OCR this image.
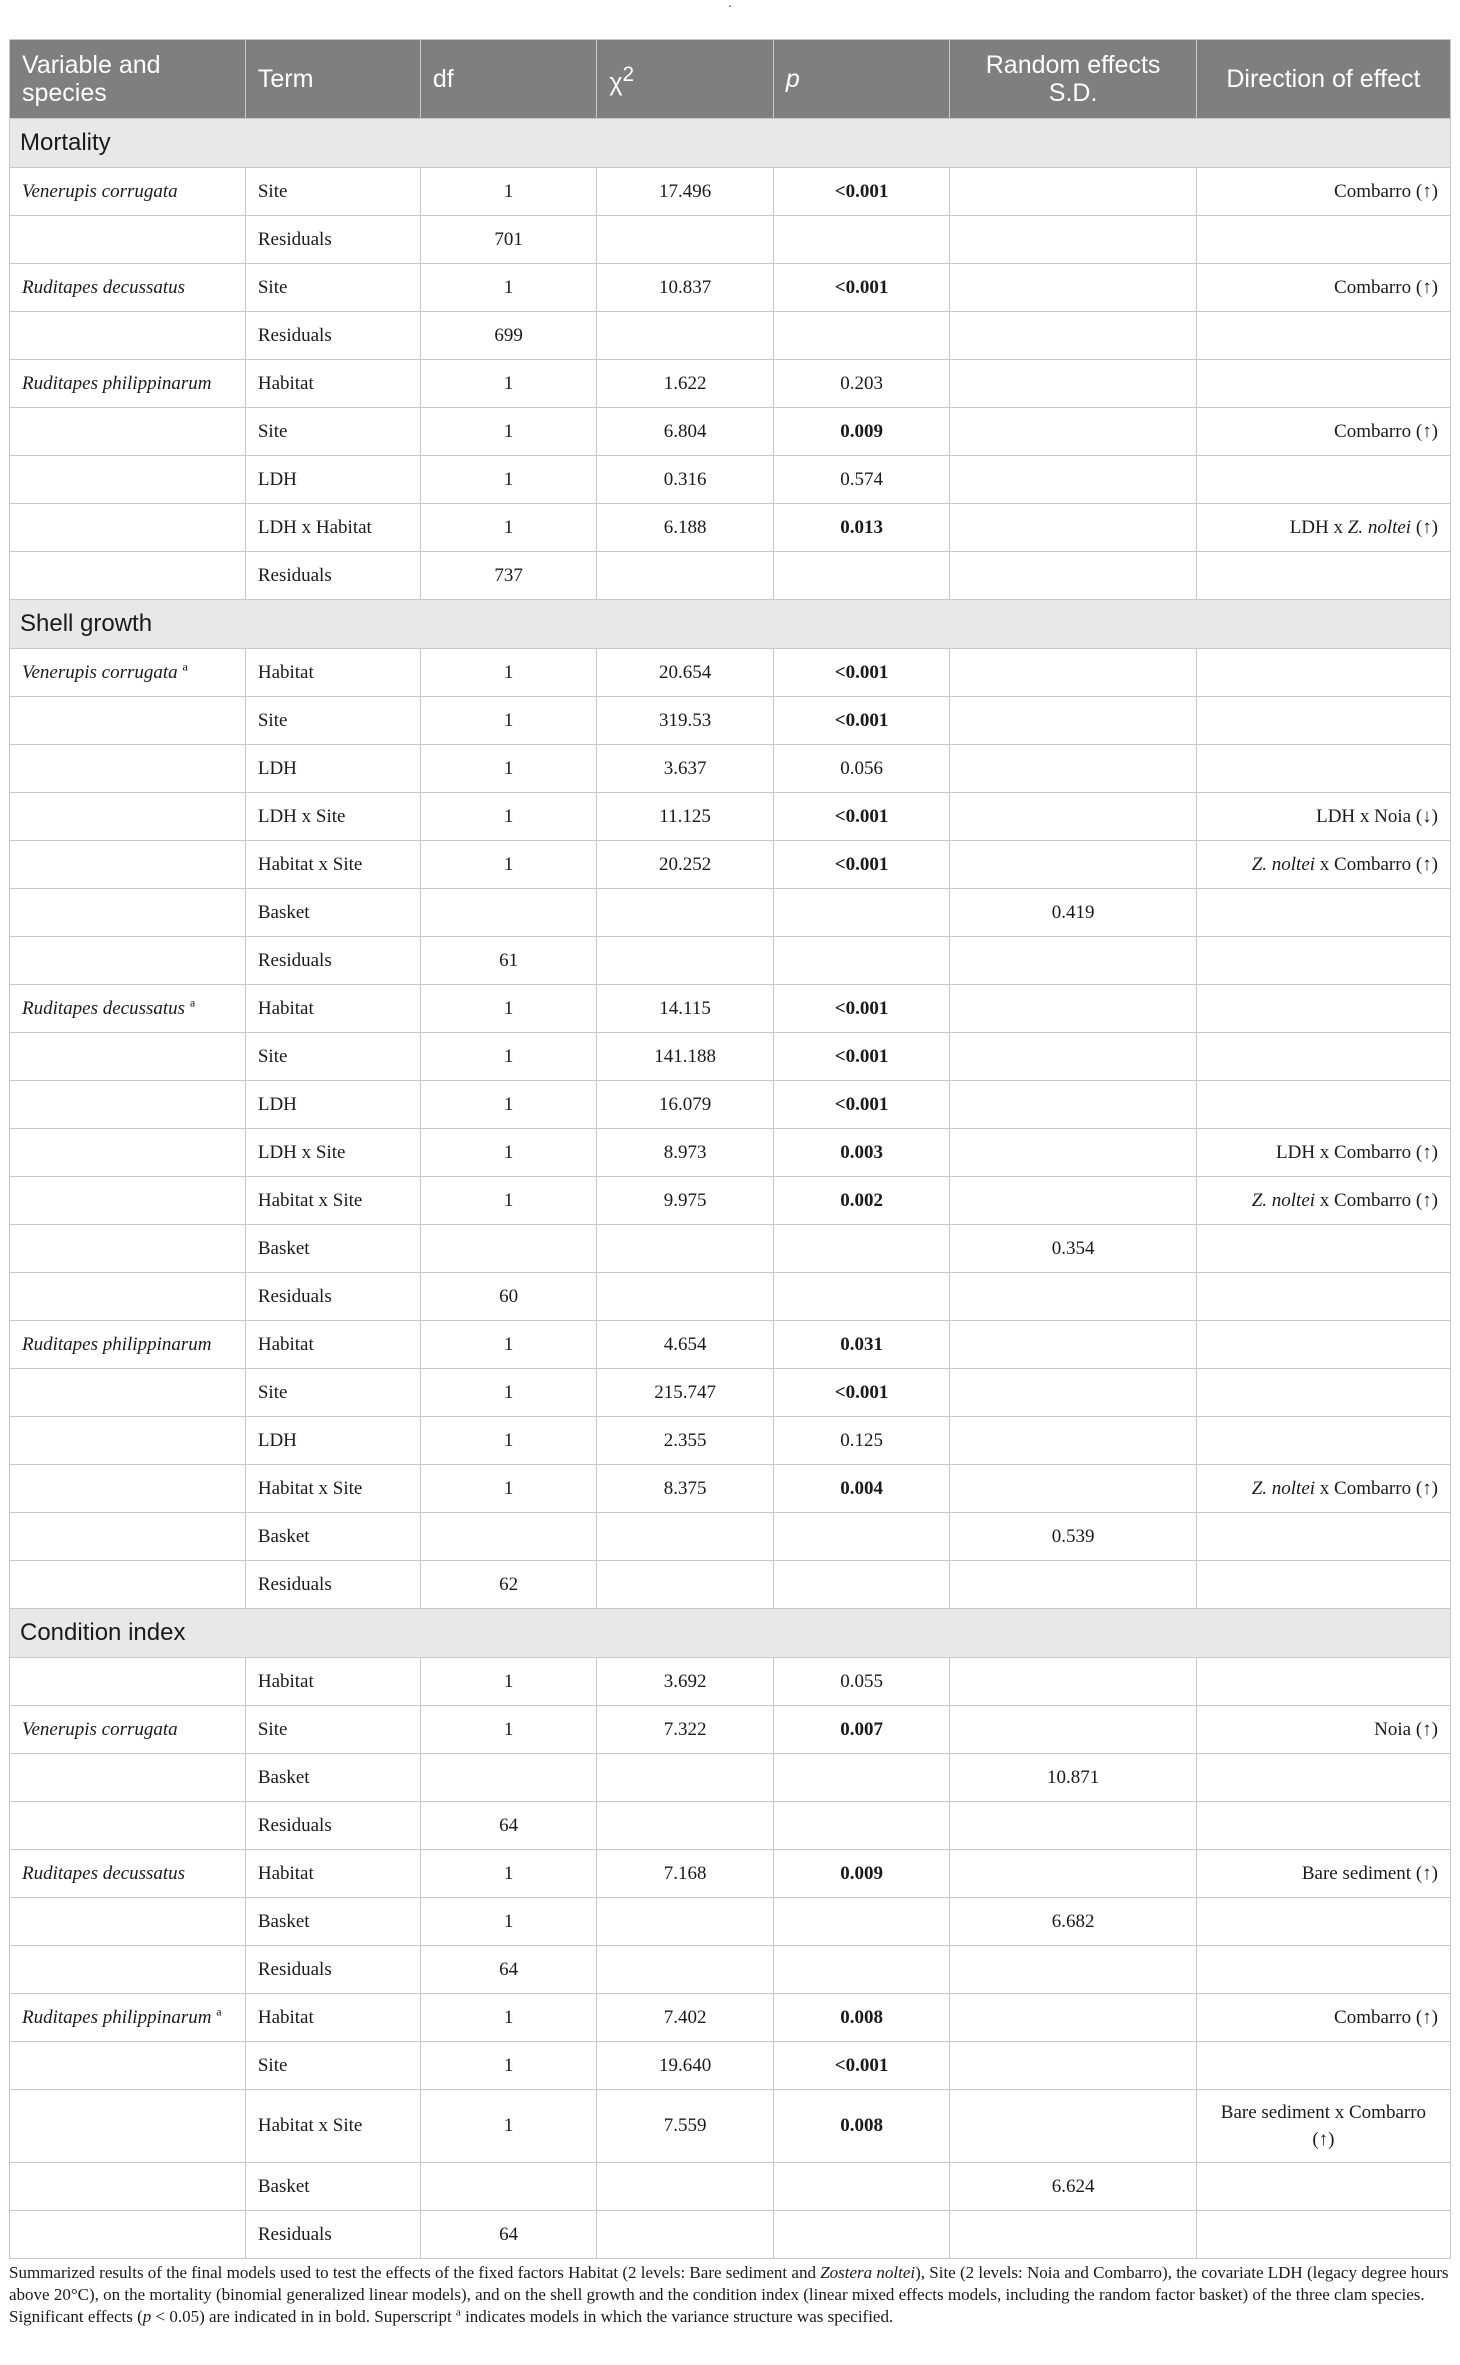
·
Variable and species	Term	df	$\chi^2$	p	Random effects S.D.	Direction of effect
Mortality						
Venerupis corrugata	Site	1	17.496	<0.001		Combarro (↑)
	Residuals	701				
Ruditapes decussatus	Site	1	10.837	<0.001		Combarro (↑)
	Residuals	699				
Ruditapes philippinarum	Habitat	1	1.622	0.203		
	Site	1	6.804	0.009		Combarro (↑)
	LDH	1	0.316	0.574		
	LDH x Habitat	1	6.188	0.013		LDH x Z. noltei (↑)
	Residuals	737				
Shell growth						
Venerupis corrugata $^a$	Habitat	1	20.654	<0.001		
	Site	1	319.53	<0.001		
	LDH	1	3.637	0.056		
	LDH x Site	1	11.125	<0.001		LDH x Noia (↓)
	Habitat x Site	1	20.252	<0.001		Z. noltei x Combarro (↑)
	Basket				0.419	
	Residuals	61				
Ruditapes decussatus $^a$	Habitat	1	14.115	<0.001		
	Site	1	141.188	<0.001		
	LDH	1	16.079	<0.001		
	LDH x Site	1	8.973	0.003		LDH x Combarro (↑)
	Habitat x Site	1	9.975	0.002		Z. noltei x Combarro (↑)
	Basket				0.354	
	Residuals	60				
Ruditapes philippinarum	Habitat	1	4.654	0.031		
	Site	1	215.747	<0.001		
	LDH	1	2.355	0.125		
	Habitat x Site	1	8.375	0.004		Z. noltei x Combarro (↑)
	Basket				0.539	
	Residuals	62				
Condition index						
	Habitat	1	3.692	0.055		
Venerupis corrugata	Site	1	7.322	0.007		Noia (↑)
	Basket				10.871	
	Residuals	64				
Ruditapes decussatus	Habitat	1	7.168	0.009		Bare sediment (↑)
	Basket	1			6.682	
	Residuals	64				
Ruditapes philippinarum $^a$	Habitat	1	7.402	0.008		Combarro (↑)
	Site	1	19.640	<0.001		
	Habitat x Site	1	7.559	0.008		Bare sediment x Combarro
(↑)
	Basket				6.624	
	Residuals	64				
Summarized results of the final models used to test the effects of the fixed factors Habitat (2 levels: Bare sediment and Zostera noltei), Site (2 levels: Noia and Combarro), the covariate LDH (legacy degree hours above 20°C), on the mortality (binomial generalized linear models), and on the shell growth and the condition index (linear mixed effects models, including the random factor basket) of the three clam species. Significant effects (p < 0.05) are indicated in in bold. Superscript $^a$ indicates models in which the variance structure was specified.
